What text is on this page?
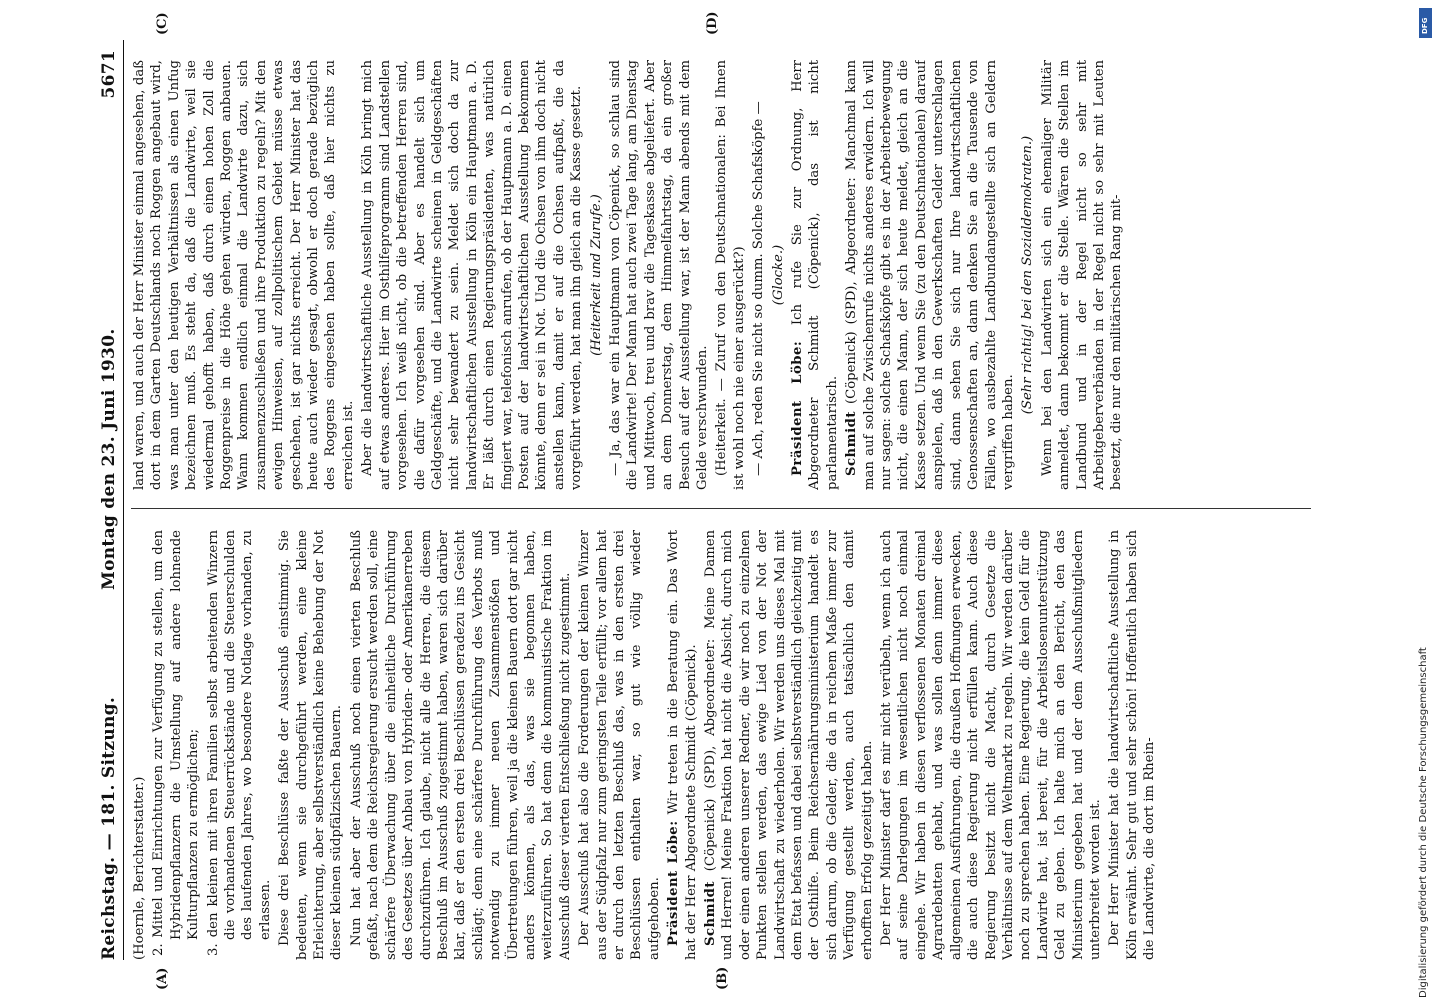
Reichstag. — 181. Sitzung.
Montag den 23. Juni 1930.
5671

(Hoernle, Berichterstatter.) 2. Mittel und Einrichtungen zur Verfügung zu stellen, um den Hybridenpflanzern die Umstellung auf andere lohnende Kulturpflanzen zu ermöglichen; 3. den kleinen mit ihren Familien selbst arbeitenden Winzern die vorhandenen Steuerrückstände und die Steuerschulden des laufenden Jahres, wo besondere Notlage vorhanden, zu erlassen. Diese drei Beschlüsse faßte der Ausschuß einstimmig. Sie bedeuten, wenn sie durchgeführt werden, eine kleine Erleichterung, aber selbstverständlich keine Behebung der Not dieser kleinen südpfälzischen Bauern. Nun hat aber der Ausschuß noch einen vierten Beschluß gefaßt, nach dem die Reichsregierung ersucht werden soll, eine schärfere Überwachung über die einheitliche Durchführung des Gesetzes über Anbau von Hybriden- oder Amerikanerreben durchzuführen. Ich glaube, nicht alle die Herren, die diesem Beschluß im Ausschuß zugestimmt haben, waren sich darüber klar, daß er den ersten drei Beschlüssen geradezu ins Gesicht schlägt; denn eine schärfere Durchführung des Verbots muß notwendig zu immer neuen Zusammenstößen und Übertretungen führen, weil ja die kleinen Bauern dort gar nicht anders können, als das, was sie begonnen haben, weiterzuführen. So hat denn die kommunistische Fraktion im Ausschuß dieser vierten Entschließung nicht zugestimmt. Der Ausschuß hat also die Forderungen der kleinen Winzer aus der Südpfalz nur zum geringsten Teile erfüllt; vor allem hat er durch den letzten Beschluß das, was in den ersten drei Beschlüssen enthalten war, so gut wie völlig wieder aufgehoben. Präsident Löbe: Wir treten in die Beratung ein. Das Wort hat der Herr Abgeordnete Schmidt (Cöpenick). Schmidt (Cöpenick) (SPD), Abgeordneter: Meine Damen und Herren! Meine Fraktion hat nicht die Absicht, durch mich oder einen anderen unserer Redner, die wir noch zu einzelnen Punkten stellen werden, das ewige Lied von der Not der Landwirtschaft zu wiederholen. Wir werden uns dieses Mal mit dem Etat befassen und dabei selbstverständlich gleichzeitig mit der Osthilfe. Beim Reichsernährungsministerium handelt es sich darum, ob die Gelder, die da in reichem Maße immer zur Verfügung gestellt werden, auch tatsächlich den damit erhofften Erfolg gezeitigt haben. Der Herr Minister darf es mir nicht verübeln, wenn ich auch auf seine Darlegungen im wesentlichen nicht noch einmal eingehe. Wir haben in diesen verflossenen Monaten dreimal Agrardebatten gehabt, und was sollen denn immer diese allgemeinen Ausführungen, die draußen Hoffnungen erwecken, die auch diese Regierung nicht erfüllen kann. Auch diese Regierung besitzt nicht die Macht, durch Gesetze die Verhältnisse auf dem Weltmarkt zu regeln. Wir werden darüber noch zu sprechen haben. Eine Regierung, die kein Geld für die Landwirte hat, ist bereit, für die Arbeitslosenunterstützung Geld zu geben. Ich halte mich an den Bericht, den das Ministerium gegeben hat und der dem Ausschußmitgliedern unterbreitet worden ist. Der Herr Minister hat die landwirtschaftliche Ausstellung in Köln erwähnt. Sehr gut und sehr schön! Hoffentlich haben sich die Landwirte, die dort im Rhein-

land waren, und auch der Herr Minister einmal angesehen, daß dort in dem Garten Deutschlands noch Roggen angebaut wird, was man unter den heutigen Verhältnissen als einen Unfug bezeichnen muß. Es steht da, daß die Landwirte, weil sie wiedermal gehofft haben, daß durch einen hohen Zoll die Roggenpreise in die Höhe gehen würden, Roggen anbauen. Wann kommen endlich einmal die Landwirte dazu, sich zusammenzuschließen und ihre Produktion zu regeln? Mit den ewigen Hinweisen, auf zollpolitischem Gebiet müsse etwas geschehen, ist gar nichts erreicht. Der Herr Minister hat das heute auch wieder gesagt, obwohl er doch gerade bezüglich des Roggens eingesehen haben sollte, daß hier nichts zu erreichen ist. Aber die landwirtschaftliche Ausstellung in Köln bringt mich auf etwas anderes. Hier im Osthilfeprogramm sind Landstellen vorgesehen. Ich weiß nicht, ob die betreffenden Herren sind, die dafür vorgesehen sind. Aber es handelt sich um Geldgeschäfte, und die Landwirte scheinen in Geldgeschäften nicht sehr bewandert zu sein. Meldet sich doch da zur landwirtschaftlichen Ausstellung in Köln ein Hauptmann a. D. Er läßt durch einen Regierungspräsidenten, was natürlich fingiert war, telefonisch anrufen, ob der Hauptmann a. D. einen Posten auf der landwirtschaftlichen Ausstellung bekommen könnte, denn er sei in Not. Und die Ochsen von ihm doch nicht anstellen kann, damit er auf die Ochsen aufpaßt, die da vorgeführt werden, hat man ihn gleich an die Kasse gesetzt. (Heiterkeit und Zurufe.) — Ja, das war ein Hauptmann von Cöpenick, so schlau sind die Landwirte! Der Mann hat auch zwei Tage lang, am Dienstag und Mittwoch, treu und brav die Tageskasse abgeliefert. Aber an dem Donnerstag, dem Himmelfahrtstag, da ein großer Besuch auf der Ausstellung war, ist der Mann abends mit dem Gelde verschwunden. (Heiterkeit. — Zuruf von den Deutschnationalen: Bei Ihnen ist wohl noch nie einer ausgerückt?) — Ach, reden Sie nicht so dumm. Solche Schafsköpfe — (Glocke.)

Präsident Löbe: Ich rufe Sie zur Ordnung, Herr Abgeordneter Schmidt (Cöpenick), das ist nicht parlamentarisch. Schmidt (Cöpenick) (SPD), Abgeordneter: Manchmal kann man auf solche Zwischenrufe nichts anderes erwidern. Ich will nur sagen: solche Schafsköpfe gibt es in der Arbeiterbewegung nicht, die einen Mann, der sich heute meldet, gleich an die Kasse setzen. Und wenn Sie (zu den Deutschnationalen) darauf anspielen, daß in den Gewerkschaften Gelder unterschlagen sind, dann sehen Sie sich nur Ihre landwirtschaftlichen Genossenschaften an, dann denken Sie an die Tausende von Fällen, wo ausbezahlte Landbundangestellte sich an Geldern vergriffen haben.

(Sehr richtig! bei den Sozialdemokraten.) Wenn bei den Landwirten sich ein ehemaliger Militär anmeldet, dann bekommt er die Stelle. Wären die Stellen im Landbund und in der Regel nicht so sehr mit Arbeitgeberverbänden in der Regel nicht so sehr mit Leuten besetzt, die nur den militärischen Rang mit-

(A)	(B)
(C)	(D)	DFG
Digitalisierung gefördert durch die Deutsche Forschungsgemeinschaft
